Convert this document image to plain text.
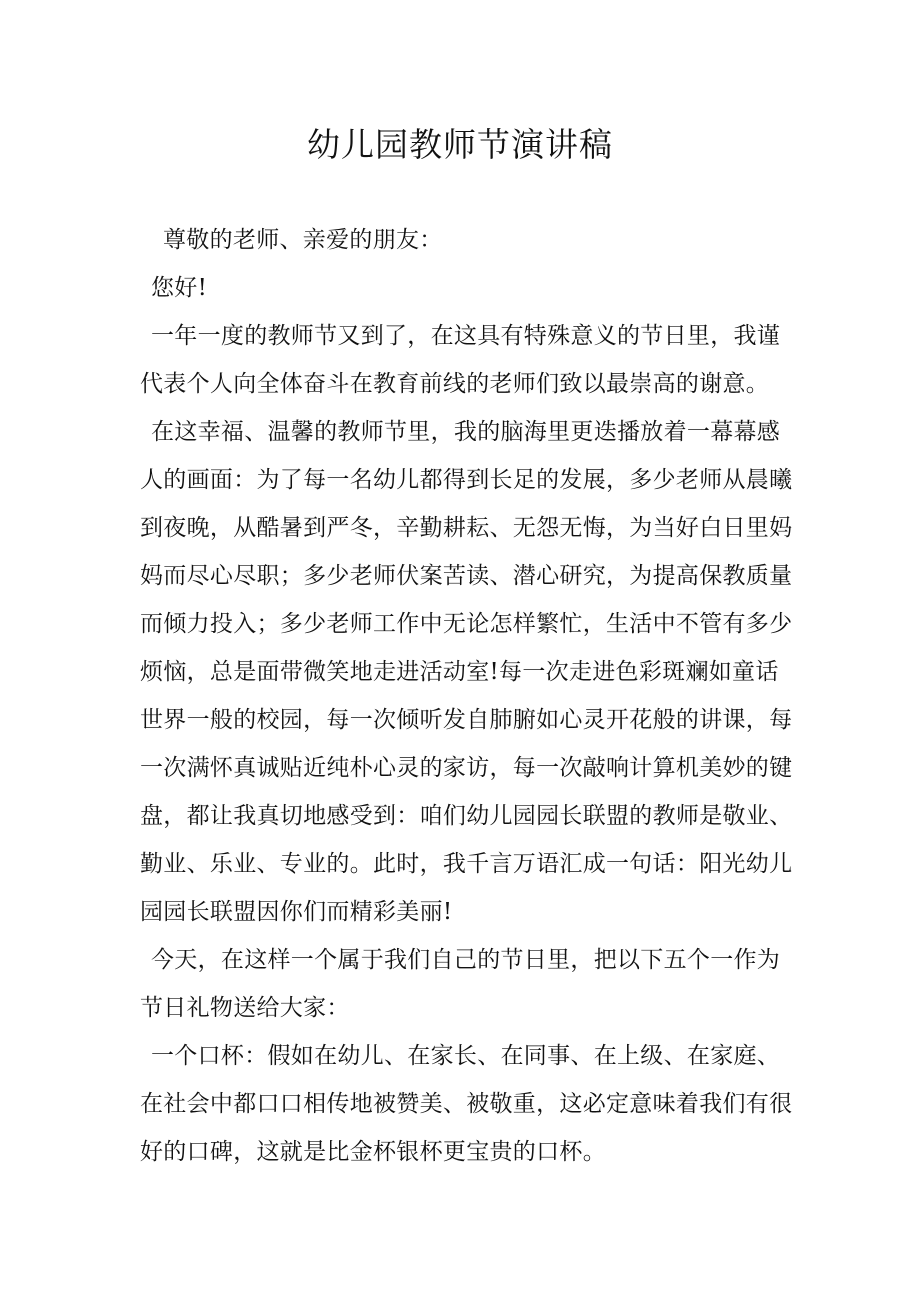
幼儿园教师节演讲稿
尊敬的老师、亲爱的朋友：
您好!
一年一度的教师节又到了，在这具有特殊意义的节日里，我谨
代表个人向全体奋斗在教育前线的老师们致以最崇高的谢意。
在这幸福、温馨的教师节里，我的脑海里更迭播放着一幕幕感
人的画面：为了每一名幼儿都得到长足的发展，多少老师从晨曦
到夜晚，从酷暑到严冬，辛勤耕耘、无怨无悔，为当好白日里妈
妈而尽心尽职；多少老师伏案苦读、潜心研究，为提高保教质量
而倾力投入；多少老师工作中无论怎样繁忙，生活中不管有多少
烦恼，总是面带微笑地走进活动室!每一次走进色彩斑斓如童话
世界一般的校园，每一次倾听发自肺腑如心灵开花般的讲课，每
一次满怀真诚贴近纯朴心灵的家访，每一次敲响计算机美妙的键
盘，都让我真切地感受到：咱们幼儿园园长联盟的教师是敬业、
勤业、乐业、专业的。此时，我千言万语汇成一句话：阳光幼儿
园园长联盟因你们而精彩美丽!
今天，在这样一个属于我们自己的节日里，把以下五个一作为
节日礼物送给大家：
一个口杯：假如在幼儿、在家长、在同事、在上级、在家庭、
在社会中都口口相传地被赞美、被敬重，这必定意味着我们有很
好的口碑，这就是比金杯银杯更宝贵的口杯。
